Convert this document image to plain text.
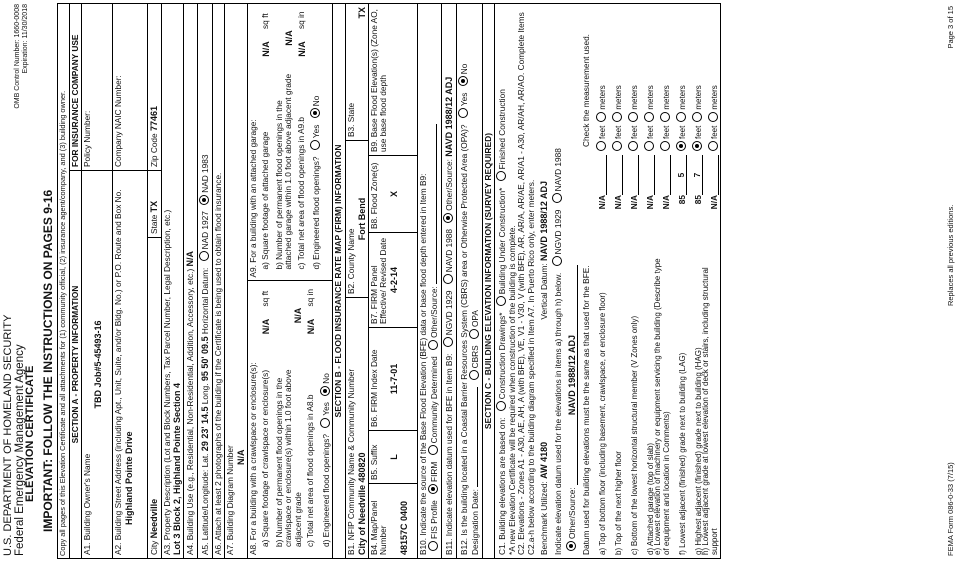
U.S. DEPARTMENT OF HOMELAND SECURITY Federal Emergency Management Agency
ELEVATION CERTIFICATE
OMB Control Number: 1660-0008 Expiration: 11/30/2018
IMPORTANT: FOLLOW THE INSTRUCTIONS ON PAGES 9-16 Copy all pages of this Elevation Certificate and all attachments for (1) community official, (2) insurance agent/company, and (3) building owner. SECTION A - PROPERTY INFORMATION
FOR INSURANCE COMPANY USE
A1. Building Owner's Name
TBD Job#5-45493-16
Policy Number:
A2. Building Street Address (including Apt., Unit, Suite, and/or Bldg. No.) or P.O. Route and Box No. Highland Pointe Drive
Company NAIC Number:
City Needville
State TX
Zip Code 77461
A3. Property Description (Lot and Block Numbers, Tax Parcel Number, Legal Description, etc.) Lot 3 Block 2, Highland Pointe Section 4 A4. Building Use (e.g., Residential, Non-Residential, Addition, Accessory, etc.) N/A
A5. Latitude/Longitude: Lat. 29 23' 14.5 Long. 95 50' 09.5 Horizontal Datum: NAD 1927 NAD 1983 A6. Attach at least 2 photographs of the building if the Certificate is being used to obtain flood insurance. A7. Building Diagram Number N/A A8. For a building with a crawlspace or enclosure(s): a) Square footage of crawlspace or enclosure(s)
N/A
sq ft
b) Number of permanent flood openings in the crawlspace or enclosure(s) within 1.0 foot above adjacent grade
N/A
c) Total net area of flood openings in A8.b
N/A
sq in
d) Engineered flood openings? Yes No
A9. For a building with an attached garage: a) Square footage of attached garage
N/A
sq ft
b) Number of permanent flood openings in the attached garage within 1.0 foot above adjacent grade
N/A
c) Total net area of flood openings in A9.b
N/A
sq in
d) Engineered flood openings? Yes No
SECTION B - FLOOD INSURANCE RATE MAP (FIRM) INFORMATION
B1. NFIP Community Name & Community Number City of Needville 480820
B2. County Name
Fort Bend
B3. State
TX
B4. Map/Panel Number 48157C 0400
B5. Suffix L
B6. FIRM Index Date 11-7-01
B7. FIRM Panel Effective/ Revised Date 4-2-14
B8. Flood Zone(s) X
B9. Base Flood Elevation(s) (Zone AO, use base flood depth
B10. Indicate the source of the Base Flood Elevation (BFE) data or base flood depth entered in Item B9: FIS Profile FIRM Community Determined Other/Source:
B11. Indicate elevation datum used for BFE in Item B9: NGVD 1929 NAVD 1988 Other/Source: NAVD 1988/12 ADJ
B12. Is the building located in a Coastal Barrier Resources System (CBRS) area or Otherwise Protected Area (OPA)? Yes No
Designation Date:  CBRS OPA SECTION C - BUILDING ELEVATION INFORMATION (SURVEY REQUIRED)
C1. Building elevations are based on: Construction Drawings* Building Under Construction* Finished Construction
*A new Elevation Certificate will be required when construction of the building is complete. C2. Elevations - Zones A1 - A30, AE, AH, A (with BFE), VE, V1 - V30, V (with BFE), AR, AR/A, AR/AE, AR/A1 - A30, AR/AH, AR/AO. Complete Items C2.a-h below according to the building diagram specified in Item A7. In Puerto Rico only, enter meters. Benchmark Utilized: AW 4180 Vertical Datum: NAVD 1988/12 ADJ
Indicate elevation datum used for the elevations in items a) through h) below. NGVD 1929 NAVD 1988
Other/Source: NAVD 1988/12 ADJ Datum used for building elevations must be the same as that used for the BFE.
Check the measurement used.
a) Top of bottom floor (including basement, crawlspace, or enclosure floor)
N/A
feetmeters
b) Top of the next higher floor
N/A
feetmeters
c) Bottom of the lowest horizontal structural member (V Zones only)
N/A
feetmeters
d) Attached garage (top of slab)
N/A
feetmeters
e) Lowest elevation of machinery or equipment servicing the building (Describe type of equipment and location in Comments)
N/A
feetmeters
f) Lowest adjacent (finished) grade next to building (LAG)
85
5
feetmeters
g) Highest adjacent (finished) grade next to building (HAG)
85
7
feetmeters
h) Lowest adjacent grade at lowest elevation of deck or stairs, including structural support
N/A
feetmeters
FEMA Form 086-0-33 (7/15)
Replaces all previous editions.
Page 3 of 15
